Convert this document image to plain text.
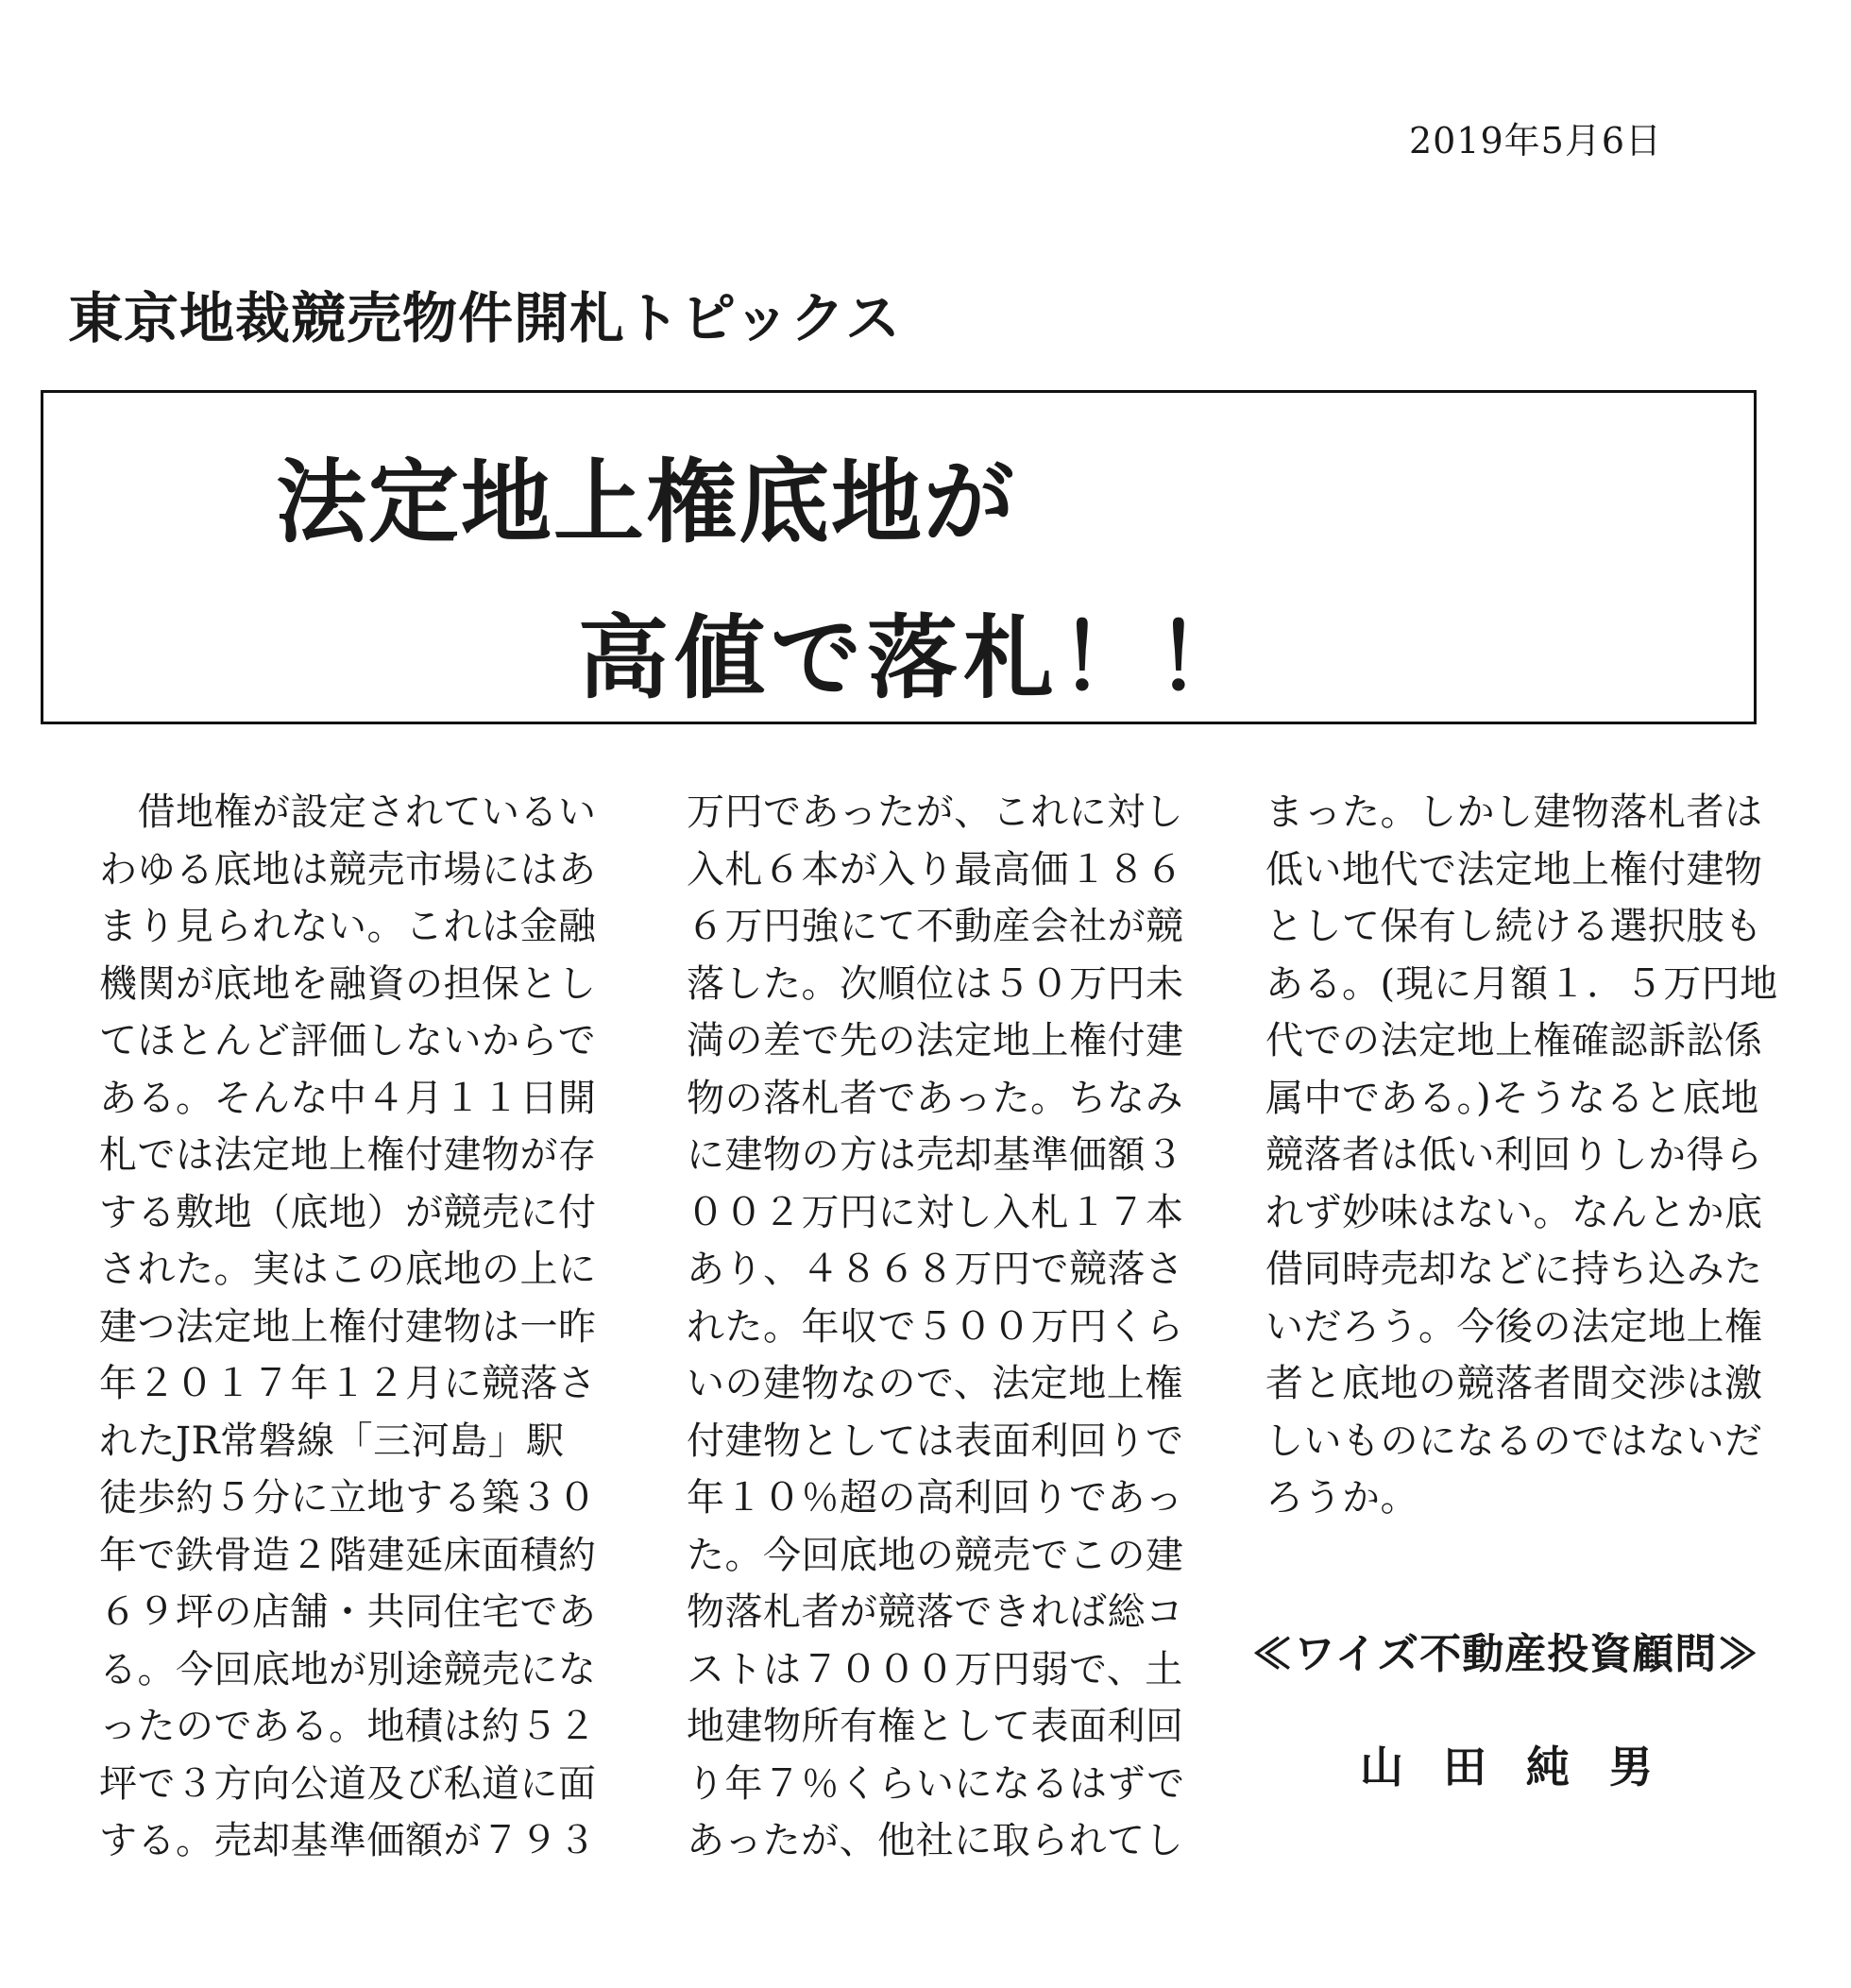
2019年5月6日
東京地裁競売物件開札トピックス
法定地上権底地が
高値で落札！！
　借地権が設定されているい
わゆる底地は競売市場にはあ
まり見られない。これは金融
機関が底地を融資の担保とし
てほとんど評価しないからで
ある。そんな中４月１１日開
札では法定地上権付建物が存
する敷地（底地）が競売に付
された。実はこの底地の上に
建つ法定地上権付建物は一昨
年２０１７年１２月に競落さ
れたJR常磐線「三河島」駅
徒歩約５分に立地する築３０
年で鉄骨造２階建延床面積約
６９坪の店舗・共同住宅であ
る。今回底地が別途競売にな
ったのである。地積は約５２
坪で３方向公道及び私道に面
する。売却基準価額が７９３
万円であったが、これに対し
入札６本が入り最高価１８６
６万円強にて不動産会社が競
落した。次順位は５０万円未
満の差で先の法定地上権付建
物の落札者であった。ちなみ
に建物の方は売却基準価額３
００２万円に対し入札１７本
あり、４８６８万円で競落さ
れた。年収で５００万円くら
いの建物なので、法定地上権
付建物としては表面利回りで
年１０％超の高利回りであっ
た。今回底地の競売でこの建
物落札者が競落できれば総コ
ストは７０００万円弱で、土
地建物所有権として表面利回
り年７％くらいになるはずで
あったが、他社に取られてし
まった。しかし建物落札者は
低い地代で法定地上権付建物
として保有し続ける選択肢も
ある。(現に月額１．５万円地
代での法定地上権確認訴訟係
属中である。)そうなると底地
競落者は低い利回りしか得ら
れず妙味はない。なんとか底
借同時売却などに持ち込みた
いだろう。今後の法定地上権
者と底地の競落者間交渉は激
しいものになるのではないだ
ろうか。
≪ワイズ不動産投資顧問≫
山田純男
